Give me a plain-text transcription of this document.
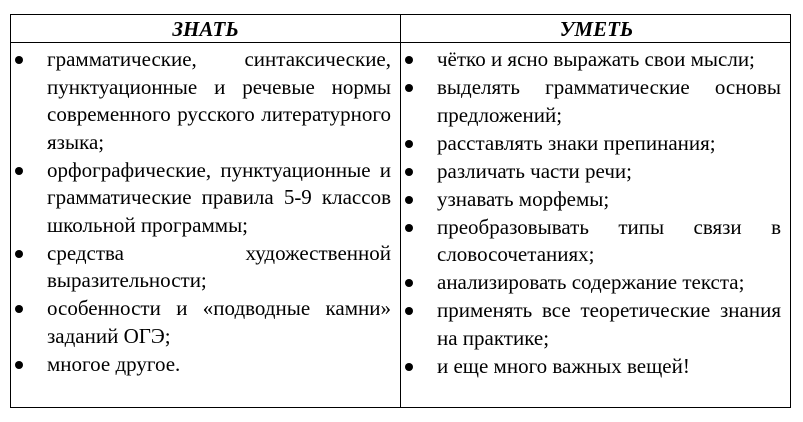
ЗНАТЬ	УМЕТЬ
грамматические, синтаксические, пунктуационные и речевые нормы современного русского литературного языка;
орфографические, пунктуационные и грамматические правила 5-9 классов школьной программы;
средства художественной выразительности;
особенности и «подводные камни» заданий ОГЭ;
многое другое.
чётко и ясно выражать свои мысли;
выделять грамматические основы предложений;
расставлять знаки препинания;
различать части речи;
узнавать морфемы;
преобразовывать типы связи в словосочетаниях;
анализировать содержание текста;
применять все теоретические знания на практике;
и еще много важных вещей!
